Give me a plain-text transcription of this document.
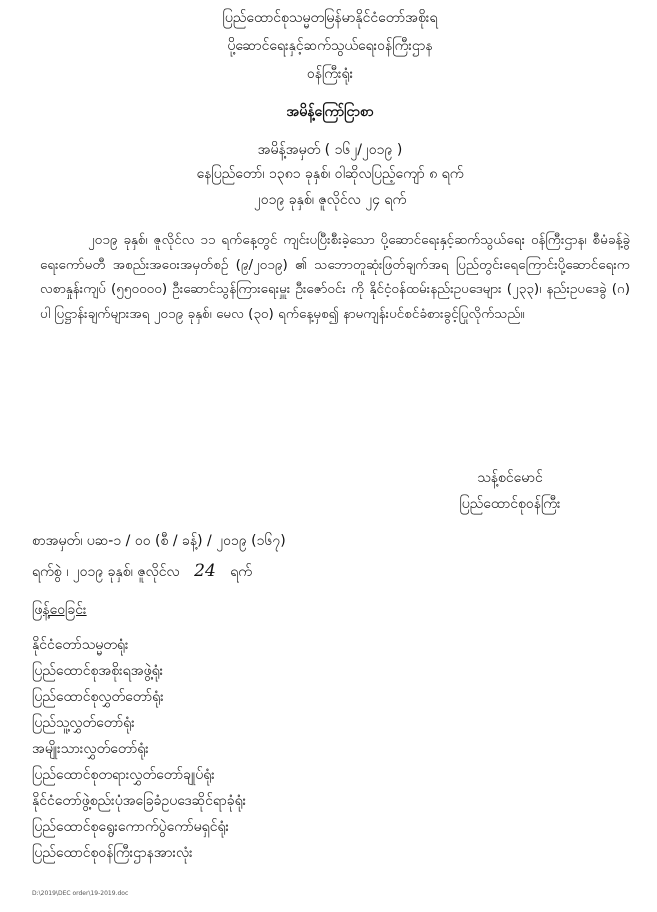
ပြည်ထောင်စုသမ္မတမြန်မာနိုင်ငံတော်အစိုးရ
ပို့ဆောင်ရေးနှင့်ဆက်သွယ်ရေးဝန်ကြီးဌာန
ဝန်ကြီးရုံး
အမိန့်ကြော်ငြာစာ
အမိန့်အမှတ် ( ၁၆၂/၂၀၁၉ )
နေပြည်တော်၊ ၁၃၈၁ ခုနှစ်၊ ဝါဆိုလပြည့်ကျော် ၈ ရက်
၂၀၁၉ ခုနှစ်၊ ဇူလိုင်လ ၂၄ ရက်
၂၀၁၉ ခုနှစ်၊ ဇူလိုင်လ ၁၁ ရက်နေ့တွင် ကျင်းပပြီးစီးခဲ့သော ပို့ဆောင်ရေးနှင့်ဆက်သွယ်ရေး ဝန်ကြီးဌာန၊ စီမံခန့်ခွဲရေးကော်မတီ အစည်းအဝေးအမှတ်စဉ် (၉/၂၀၁၉) ၏ သဘောတူဆုံးဖြတ်ချက်အရ ပြည်တွင်းရေကြောင်းပို့ဆောင်ရေးက လစာနှုန်းကျပ် (၅၅၀၀၀၀) ဦးဆောင်သွန်ကြားရေးမှူး ဦးဇော်ဝင်း ကို နိုင်ငံ့ဝန်ထမ်းနည်းဥပဒေများ (၂၃၃)၊ နည်းဥပဒေခွဲ (ဂ) ပါ ပြဋ္ဌာန်းချက်များအရ ၂၀၁၉ ခုနှစ်၊ မေလ (၃၀) ရက်နေ့မှစ၍ နာမကျန်းပင်စင်ခံစားခွင့်ပြုလိုက်သည်။
သန့်စင်မောင်
ပြည်ထောင်စုဝန်ကြီး
စာအမှတ်၊ ပဆ-၁ / ၀၀ (စီ / ခန့်) / ၂၀၁၉ (၁၆၇)
ရက်စွဲ ၊ ၂၀၁၉ ခုနှစ်၊ ဇူလိုင်လ 24 ရက်
ဖြန့်ဝေခြင်း
နိုင်ငံတော်သမ္မတရုံး
ပြည်ထောင်စုအစိုးရအဖွဲ့ရုံး
ပြည်ထောင်စုလွှတ်တော်ရုံး
ပြည်သူ့လွှတ်တော်ရုံး
အမျိုးသားလွှတ်တော်ရုံး
ပြည်ထောင်စုတရားလွှတ်တော်ချုပ်ရုံး
နိုင်ငံတော်ဖွဲ့စည်းပုံအခြေခံဥပဒေဆိုင်ရာခုံရုံး
ပြည်ထောင်စုရွေးကောက်ပွဲကော်မရှင်ရုံး
ပြည်ထောင်စုဝန်ကြီးဌာနအားလုံး
D:\2019\DEC order\19-2019.doc
